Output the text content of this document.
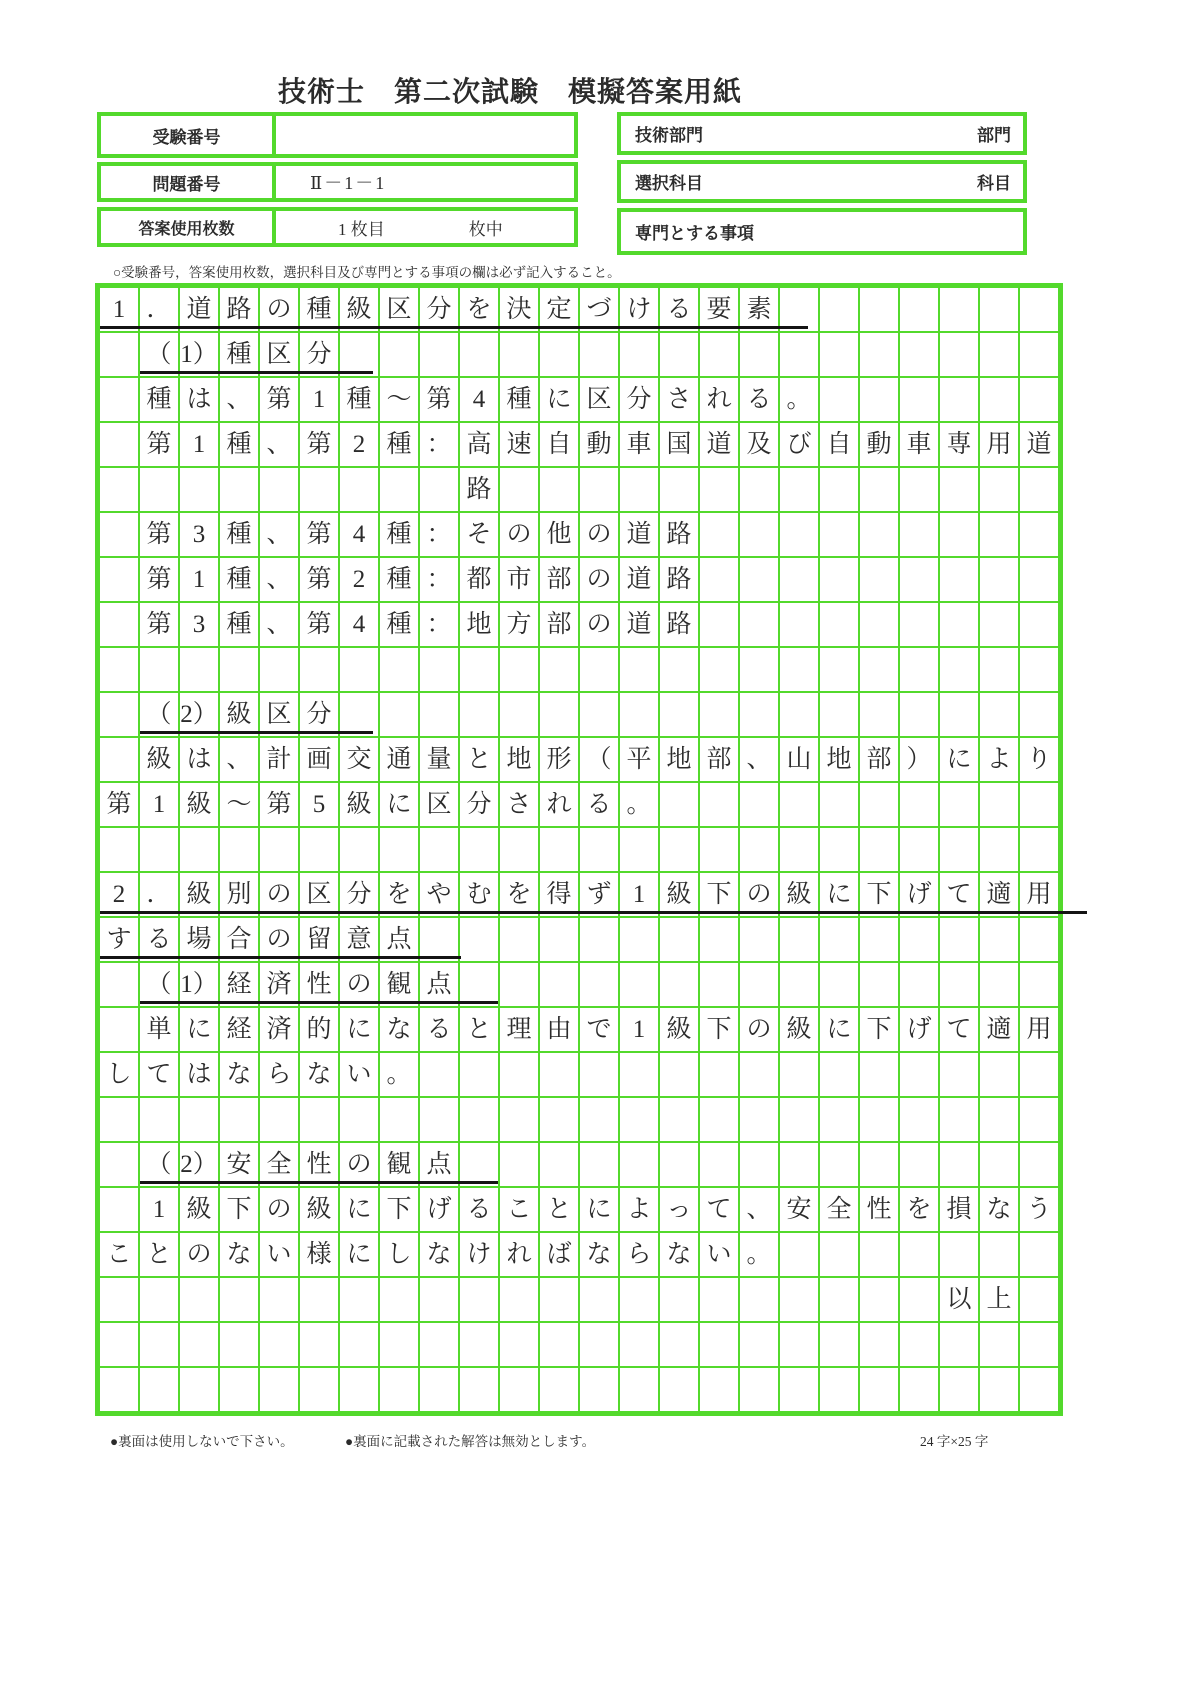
技術士　第二次試験　模擬答案用紙
受験番号
問題番号	Ⅱ－1－1
答案使用枚数	1 枚目	枚中
技術部門	部門
選択科目	科目
専門とする事項
○受験番号，答案使用枚数，選択科目及び専門とする事項の欄は必ず記入すること。
1 ． 道 路 の 種 級 区 分 を 決 定 づ け る 要 素
（ 1） 種 区 分
種 は 、 第 1 種 ～ 第 4 種 に 区 分 さ れ る 。
第 1 種 、 第 2 種 ： 高 速 自 動 車 国 道 及 び 自 動 車 専 用 道
路
第 3 種 、 第 4 種 ： そ の 他 の 道 路
第 1 種 、 第 2 種 ： 都 市 部 の 道 路
第 3 種 、 第 4 種 ： 地 方 部 の 道 路
（ 2） 級 区 分
級 は 、 計 画 交 通 量 と 地 形 （ 平 地 部 、 山 地 部 ） に よ り
第 1 級 ～ 第 5 級 に 区 分 さ れ る 。
2 ． 級 別 の 区 分 を や む を 得 ず 1 級 下 の 級 に 下 げ て 適 用
す る 場 合 の 留 意 点
（ 1） 経 済 性 の 観 点
単 に 経 済 的 に な る と 理 由 で 1 級 下 の 級 に 下 げ て 適 用
し て は な ら な い 。
（ 2） 安 全 性 の 観 点
1 級 下 の 級 に 下 げ る こ と に よ っ て 、 安 全 性 を 損 な う
こ と の な い 様 に し な け れ ば な ら な い 。
以 上
●裏面は使用しないで下さい。	●裏面に記載された解答は無効とします。	24 字×25 字
